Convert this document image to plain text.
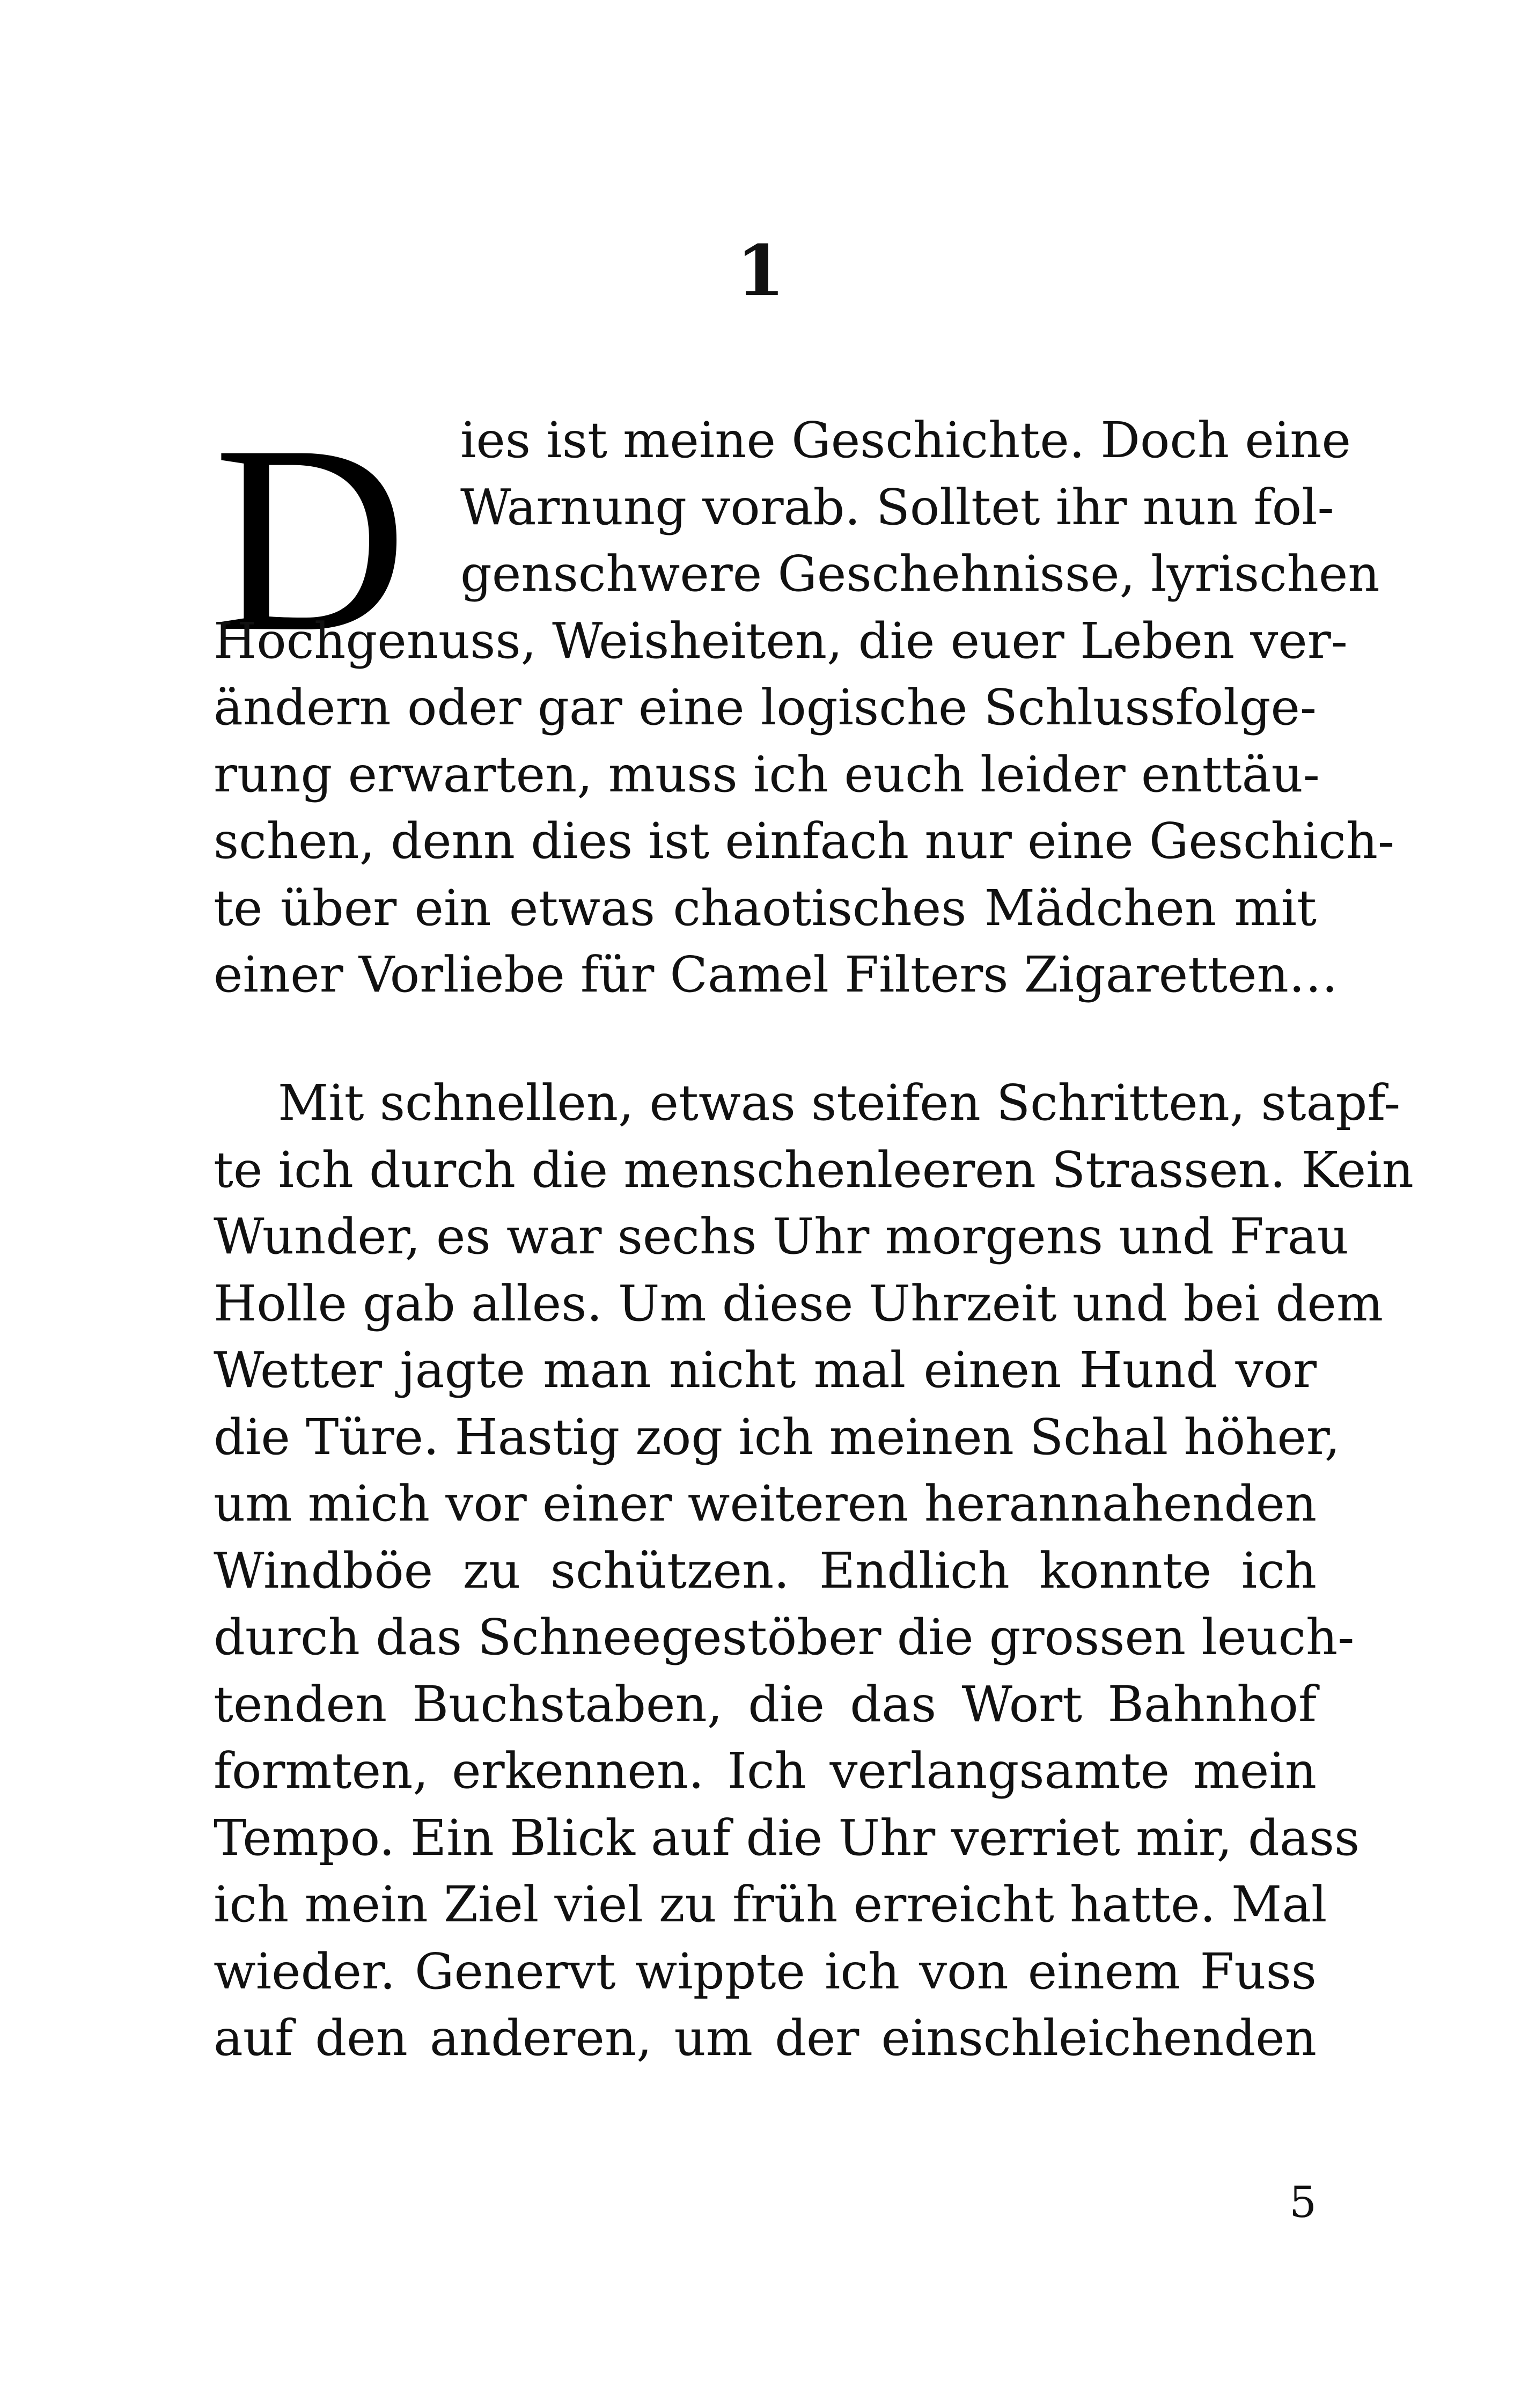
1
D	ies ist meine Geschichte. Doch eine
Warnung vorab. Solltet ihr nun fol-
genschwere Geschehnisse, lyrischen
Hochgenuss, Weisheiten, die euer Leben ver-
ändern oder gar eine logische Schlussfolge-
rung erwarten, muss ich euch leider enttäu-
schen, denn dies ist einfach nur eine Geschich-
te über ein etwas chaotisches Mädchen mit
einer Vorliebe für Camel Filters Zigaretten…

Mit schnellen, etwas steifen Schritten, stapf-
te ich durch die menschenleeren Strassen. Kein
Wunder, es war sechs Uhr morgens und Frau
Holle gab alles. Um diese Uhrzeit und bei dem
Wetter jagte man nicht mal einen Hund vor
die Türe. Hastig zog ich meinen Schal höher,
um mich vor einer weiteren herannahenden
Windböe zu schützen. Endlich konnte ich
durch das Schneegestöber die grossen leuch-
tenden Buchstaben, die das Wort Bahnhof
formten, erkennen. Ich verlangsamte mein
Tempo. Ein Blick auf die Uhr verriet mir, dass
ich mein Ziel viel zu früh erreicht hatte. Mal
wieder. Genervt wippte ich von einem Fuss
auf den anderen, um der einschleichenden

5
